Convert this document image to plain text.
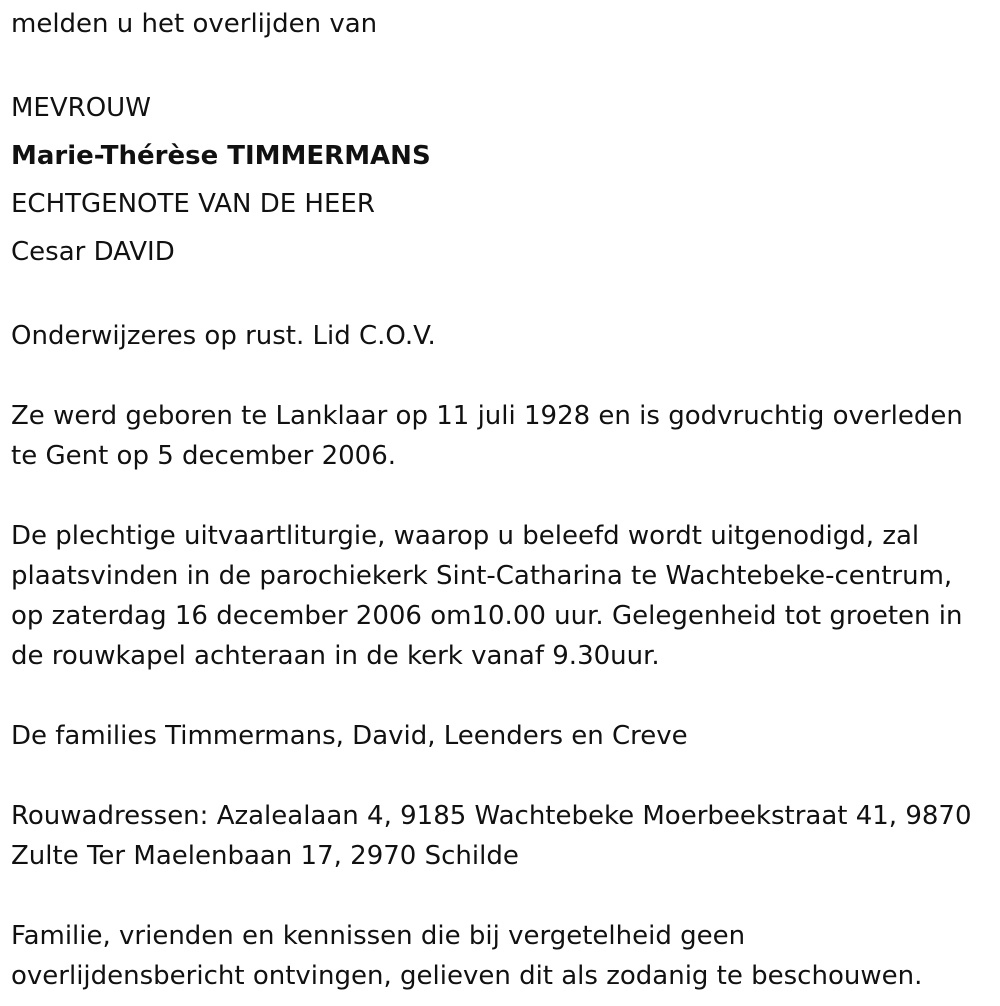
melden u het overlijden van
MEVROUW
Marie-Thérèse TIMMERMANS
ECHTGENOTE VAN DE HEER
Cesar DAVID
Onderwijzeres op rust. Lid C.O.V.
Ze werd geboren te Lanklaar op 11 juli 1928 en is godvruchtig overleden
te Gent op 5 december 2006.
De plechtige uitvaartliturgie, waarop u beleefd wordt uitgenodigd, zal
plaatsvinden in de parochiekerk Sint-Catharina te Wachtebeke-centrum,
op zaterdag 16 december 2006 om10.00 uur. Gelegenheid tot groeten in
de rouwkapel achteraan in de kerk vanaf 9.30uur.
De families Timmermans, David, Leenders en Creve
Rouwadressen: Azalealaan 4, 9185 Wachtebeke Moerbeekstraat 41, 9870
Zulte Ter Maelenbaan 17, 2970 Schilde
Familie, vrienden en kennissen die bij vergetelheid geen
overlijdensbericht ontvingen, gelieven dit als zodanig te beschouwen.
